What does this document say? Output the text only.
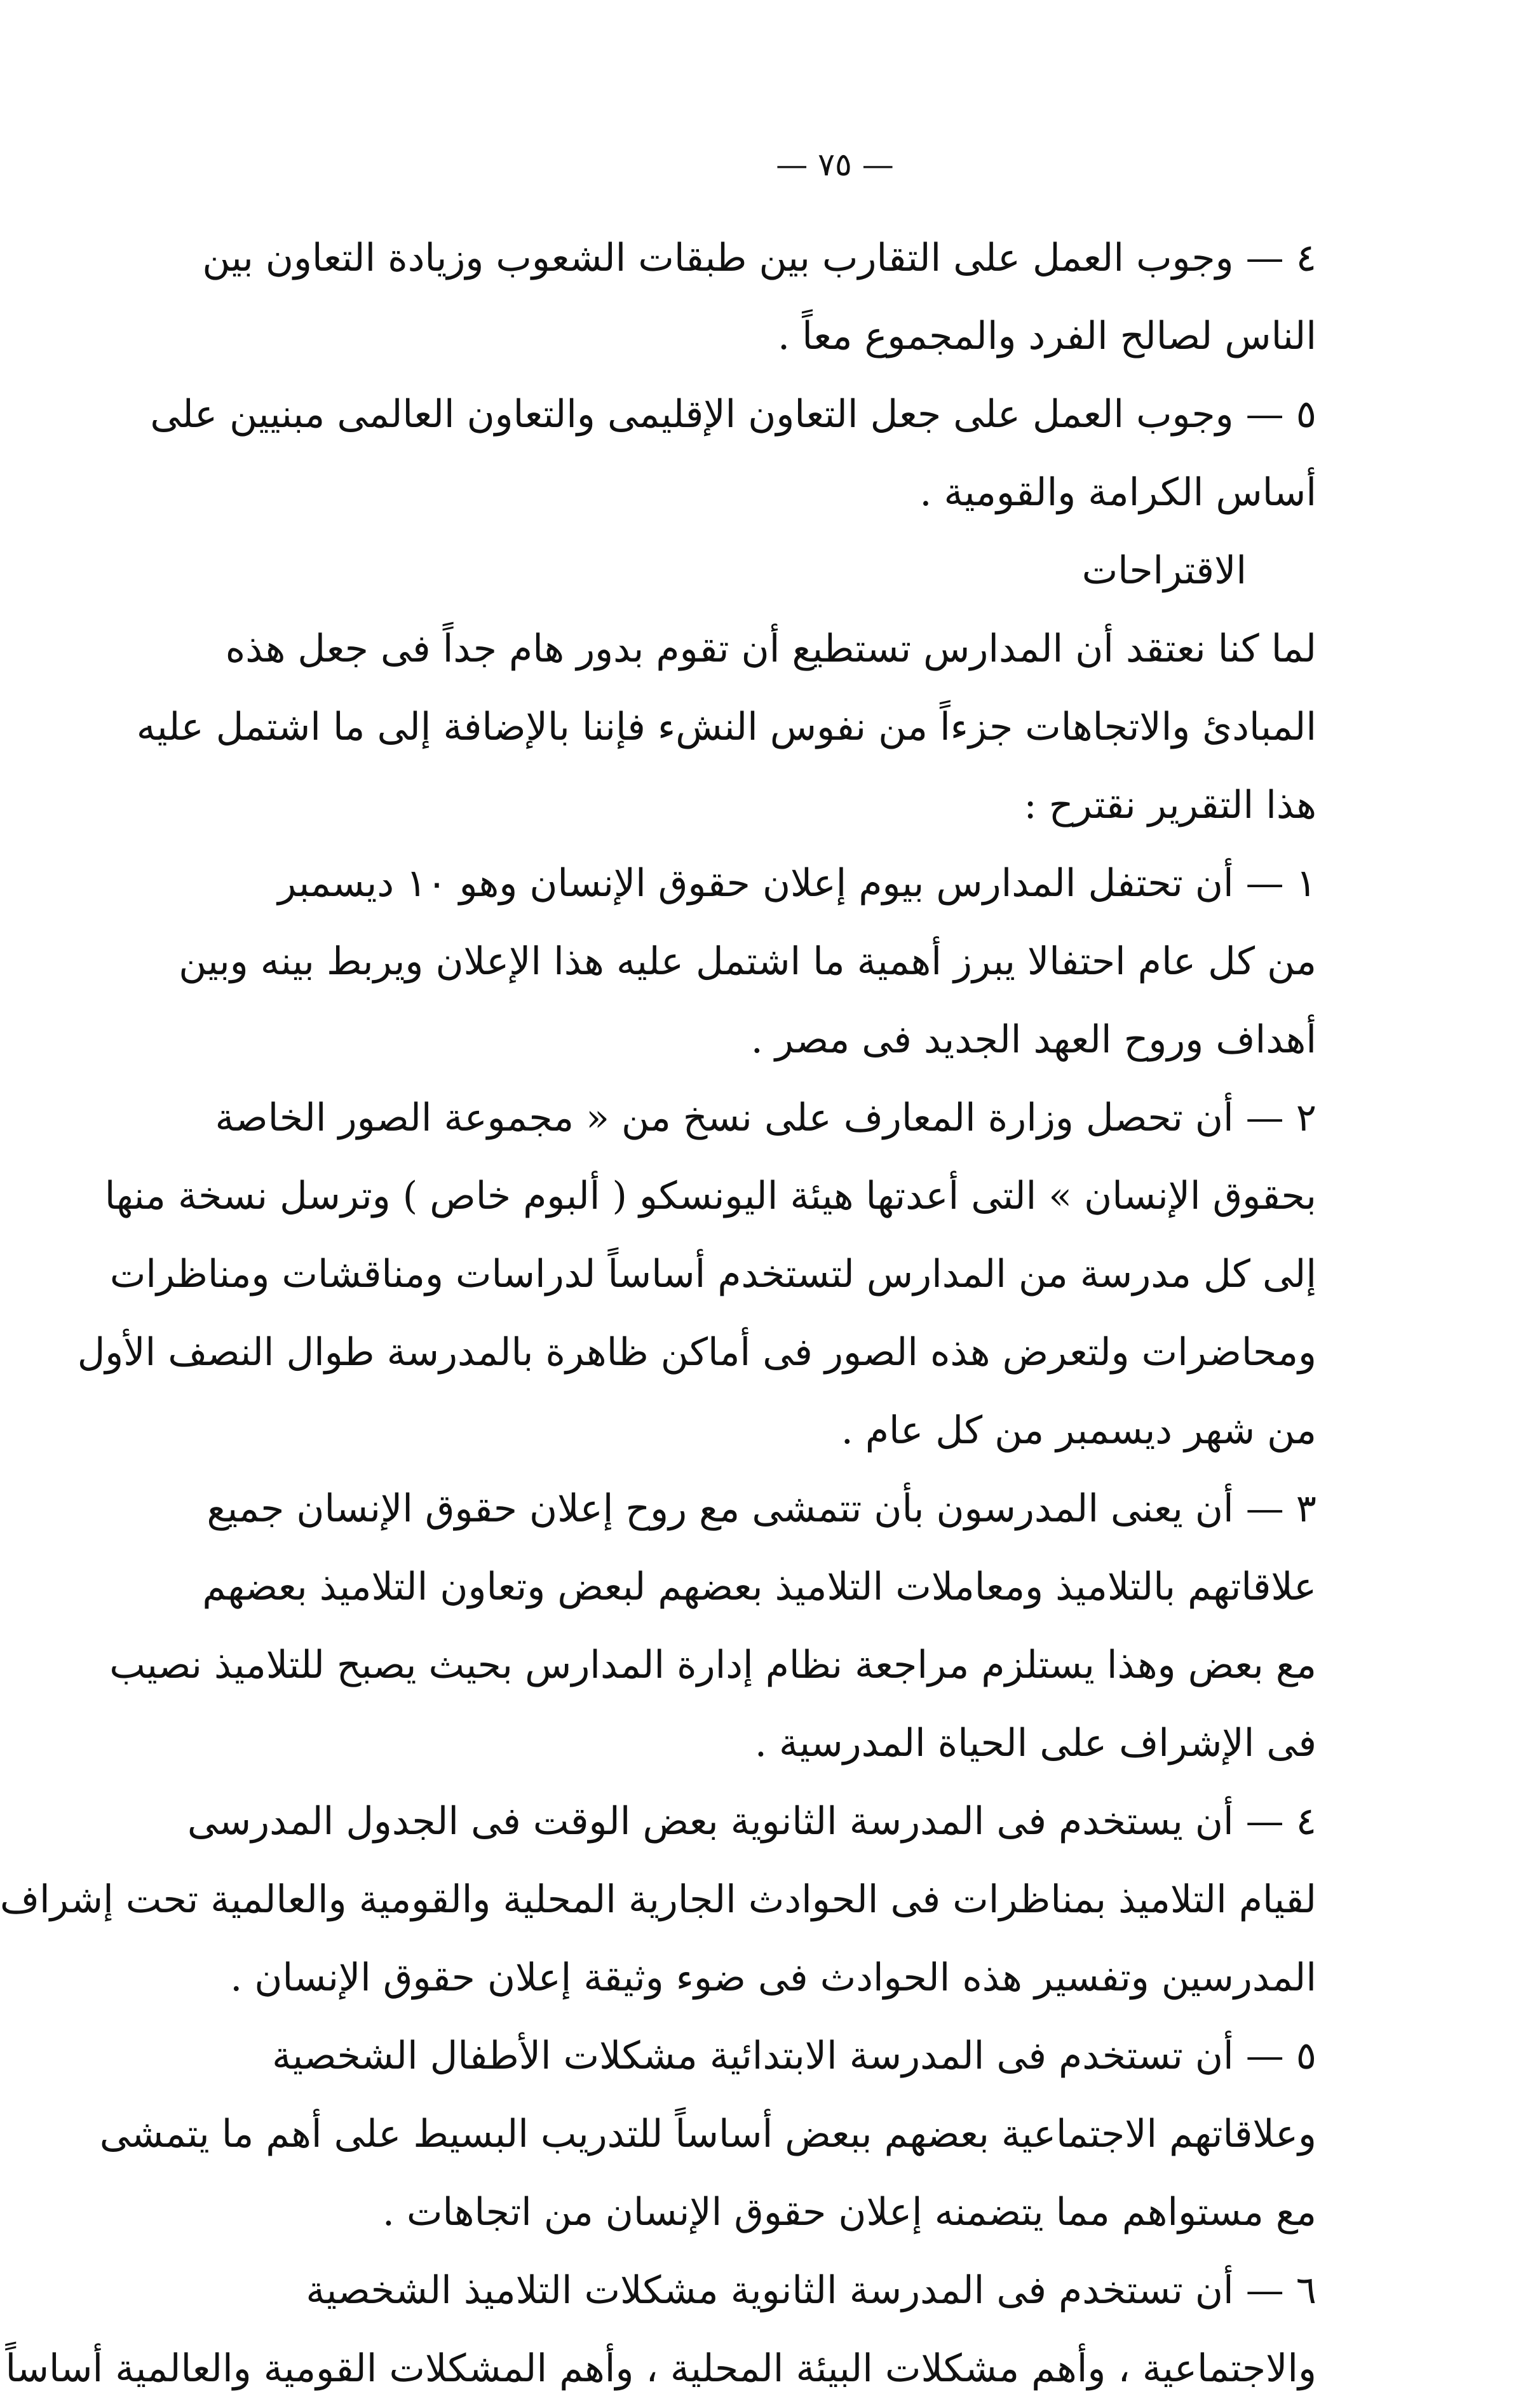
— ٧٥ —
٤ — وجوب العمل على التقارب بين طبقات الشعوب وزيادة التعاون بين
الناس لصالح الفرد والمجموع معاً .
٥ — وجوب العمل على جعل التعاون الإقليمى والتعاون العالمى مبنيين على
أساس الكرامة والقومية .
الاقتراحات
لما كنا نعتقد أن المدارس تستطيع أن تقوم بدور هام جداً فى جعل هذه
المبادئ والاتجاهات جزءاً من نفوس النشء فإننا بالإضافة إلى ما اشتمل عليه
هذا التقرير نقترح :
١ — أن تحتفل المدارس بيوم إعلان حقوق الإنسان وهو ١٠ ديسمبر
من كل عام احتفالا يبرز أهمية ما اشتمل عليه هذا الإعلان ويربط بينه وبين
أهداف وروح العهد الجديد فى مصر .
٢ — أن تحصل وزارة المعارف على نسخ من « مجموعة الصور الخاصة
بحقوق الإنسان » التى أعدتها هيئة اليونسكو ( ألبوم خاص ) وترسل نسخة منها
إلى كل مدرسة من المدارس لتستخدم أساساً لدراسات ومناقشات ومناظرات
ومحاضرات ولتعرض هذه الصور فى أماكن ظاهرة بالمدرسة طوال النصف الأول
من شهر ديسمبر من كل عام .
٣ — أن يعنى المدرسون بأن تتمشى مع روح إعلان حقوق الإنسان جميع
علاقاتهم بالتلاميذ ومعاملات التلاميذ بعضهم لبعض وتعاون التلاميذ بعضهم
مع بعض وهذا يستلزم مراجعة نظام إدارة المدارس بحيث يصبح للتلاميذ نصيب
فى الإشراف على الحياة المدرسية .
٤ — أن يستخدم فى المدرسة الثانوية بعض الوقت فى الجدول المدرسى
لقيام التلاميذ بمناظرات فى الحوادث الجارية المحلية والقومية والعالمية تحت إشراف
المدرسين وتفسير هذه الحوادث فى ضوء وثيقة إعلان حقوق الإنسان .
٥ — أن تستخدم فى المدرسة الابتدائية مشكلات الأطفال الشخصية
وعلاقاتهم الاجتماعية بعضهم ببعض أساساً للتدريب البسيط على أهم ما يتمشى
مع مستواهم مما يتضمنه إعلان حقوق الإنسان من اتجاهات .
٦ — أن تستخدم فى المدرسة الثانوية مشكلات التلاميذ الشخصية
والاجتماعية ، وأهم مشكلات البيئة المحلية ، وأهم المشكلات القومية والعالمية أساساً
